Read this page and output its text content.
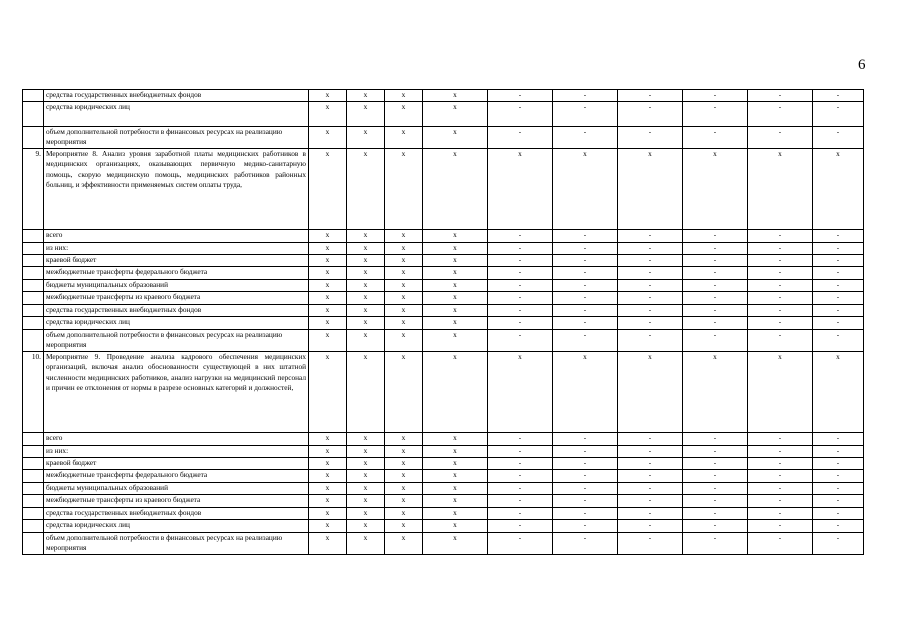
6
	средства государственных внебюджетных фондов	x	x	x	x	-	-	-	-	-	-
	средства юридических лиц	x	x	x	x	-	-	-	-	-	-
	объем дополнительной потребности в финансовых ресурсах на реализацию мероприятия	x	x	x	x	-	-	-	-	-	-
9.	Мероприятие 8. Анализ уровня заработной платы медицинских работников в медицинских организациях, оказывающих первичную медико-санитарную помощь, скорую медицинскую помощь, медицинских работников районных больниц, и эффективности применяемых систем оплаты труда,	x	x	x	x	x	x	x	x	x	x
	всего	x	x	x	x	-	-	-	-	-	-
	из них:	x	x	x	x	-	-	-	-	-	-
	краевой бюджет	x	x	x	x	-	-	-	-	-	-
	межбюджетные трансферты федерального бюджета	x	x	x	x	-	-	-	-	-	-
	бюджеты муниципальных образований	x	x	x	x	-	-	-	-	-	-
	межбюджетные трансферты из краевого бюджета	x	x	x	x	-	-	-	-	-	-
	средства государственных внебюджетных фондов	x	x	x	x	-	-	-	-	-	-
	средства юридических лиц	x	x	x	x	-	-	-	-	-	-
	объем дополнительной потребности в финансовых ресурсах на реализацию мероприятия	x	x	x	x	-	-	-	-	-	-
10.	Мероприятие 9. Проведение анализа кадрового обеспечения медицинских организаций, включая анализ обоснованности существующей в них штатной численности медицинских работников, анализ нагрузки на медицинский персонал и причин ее отклонения от нормы в разрезе основных категорий и должностей,	x	x	x	x	x	x	x	x	x	x
	всего	x	x	x	x	-	-	-	-	-	-
	из них:	x	x	x	x	-	-	-	-	-	-
	краевой бюджет	x	x	x	x	-	-	-	-	-	-
	межбюджетные трансферты федерального бюджета	x	x	x	x	-	-	-	-	-	-
	бюджеты муниципальных образований	x	x	x	x	-	-	-	-	-	-
	межбюджетные трансферты из краевого бюджета	x	x	x	x	-	-	-	-	-	-
	средства государственных внебюджетных фондов	x	x	x	x	-	-	-	-	-	-
	средства юридических лиц	x	x	x	x	-	-	-	-	-	-
	объем дополнительной потребности в финансовых ресурсах на реализацию мероприятия	x	x	x	x	-	-	-	-	-	-
